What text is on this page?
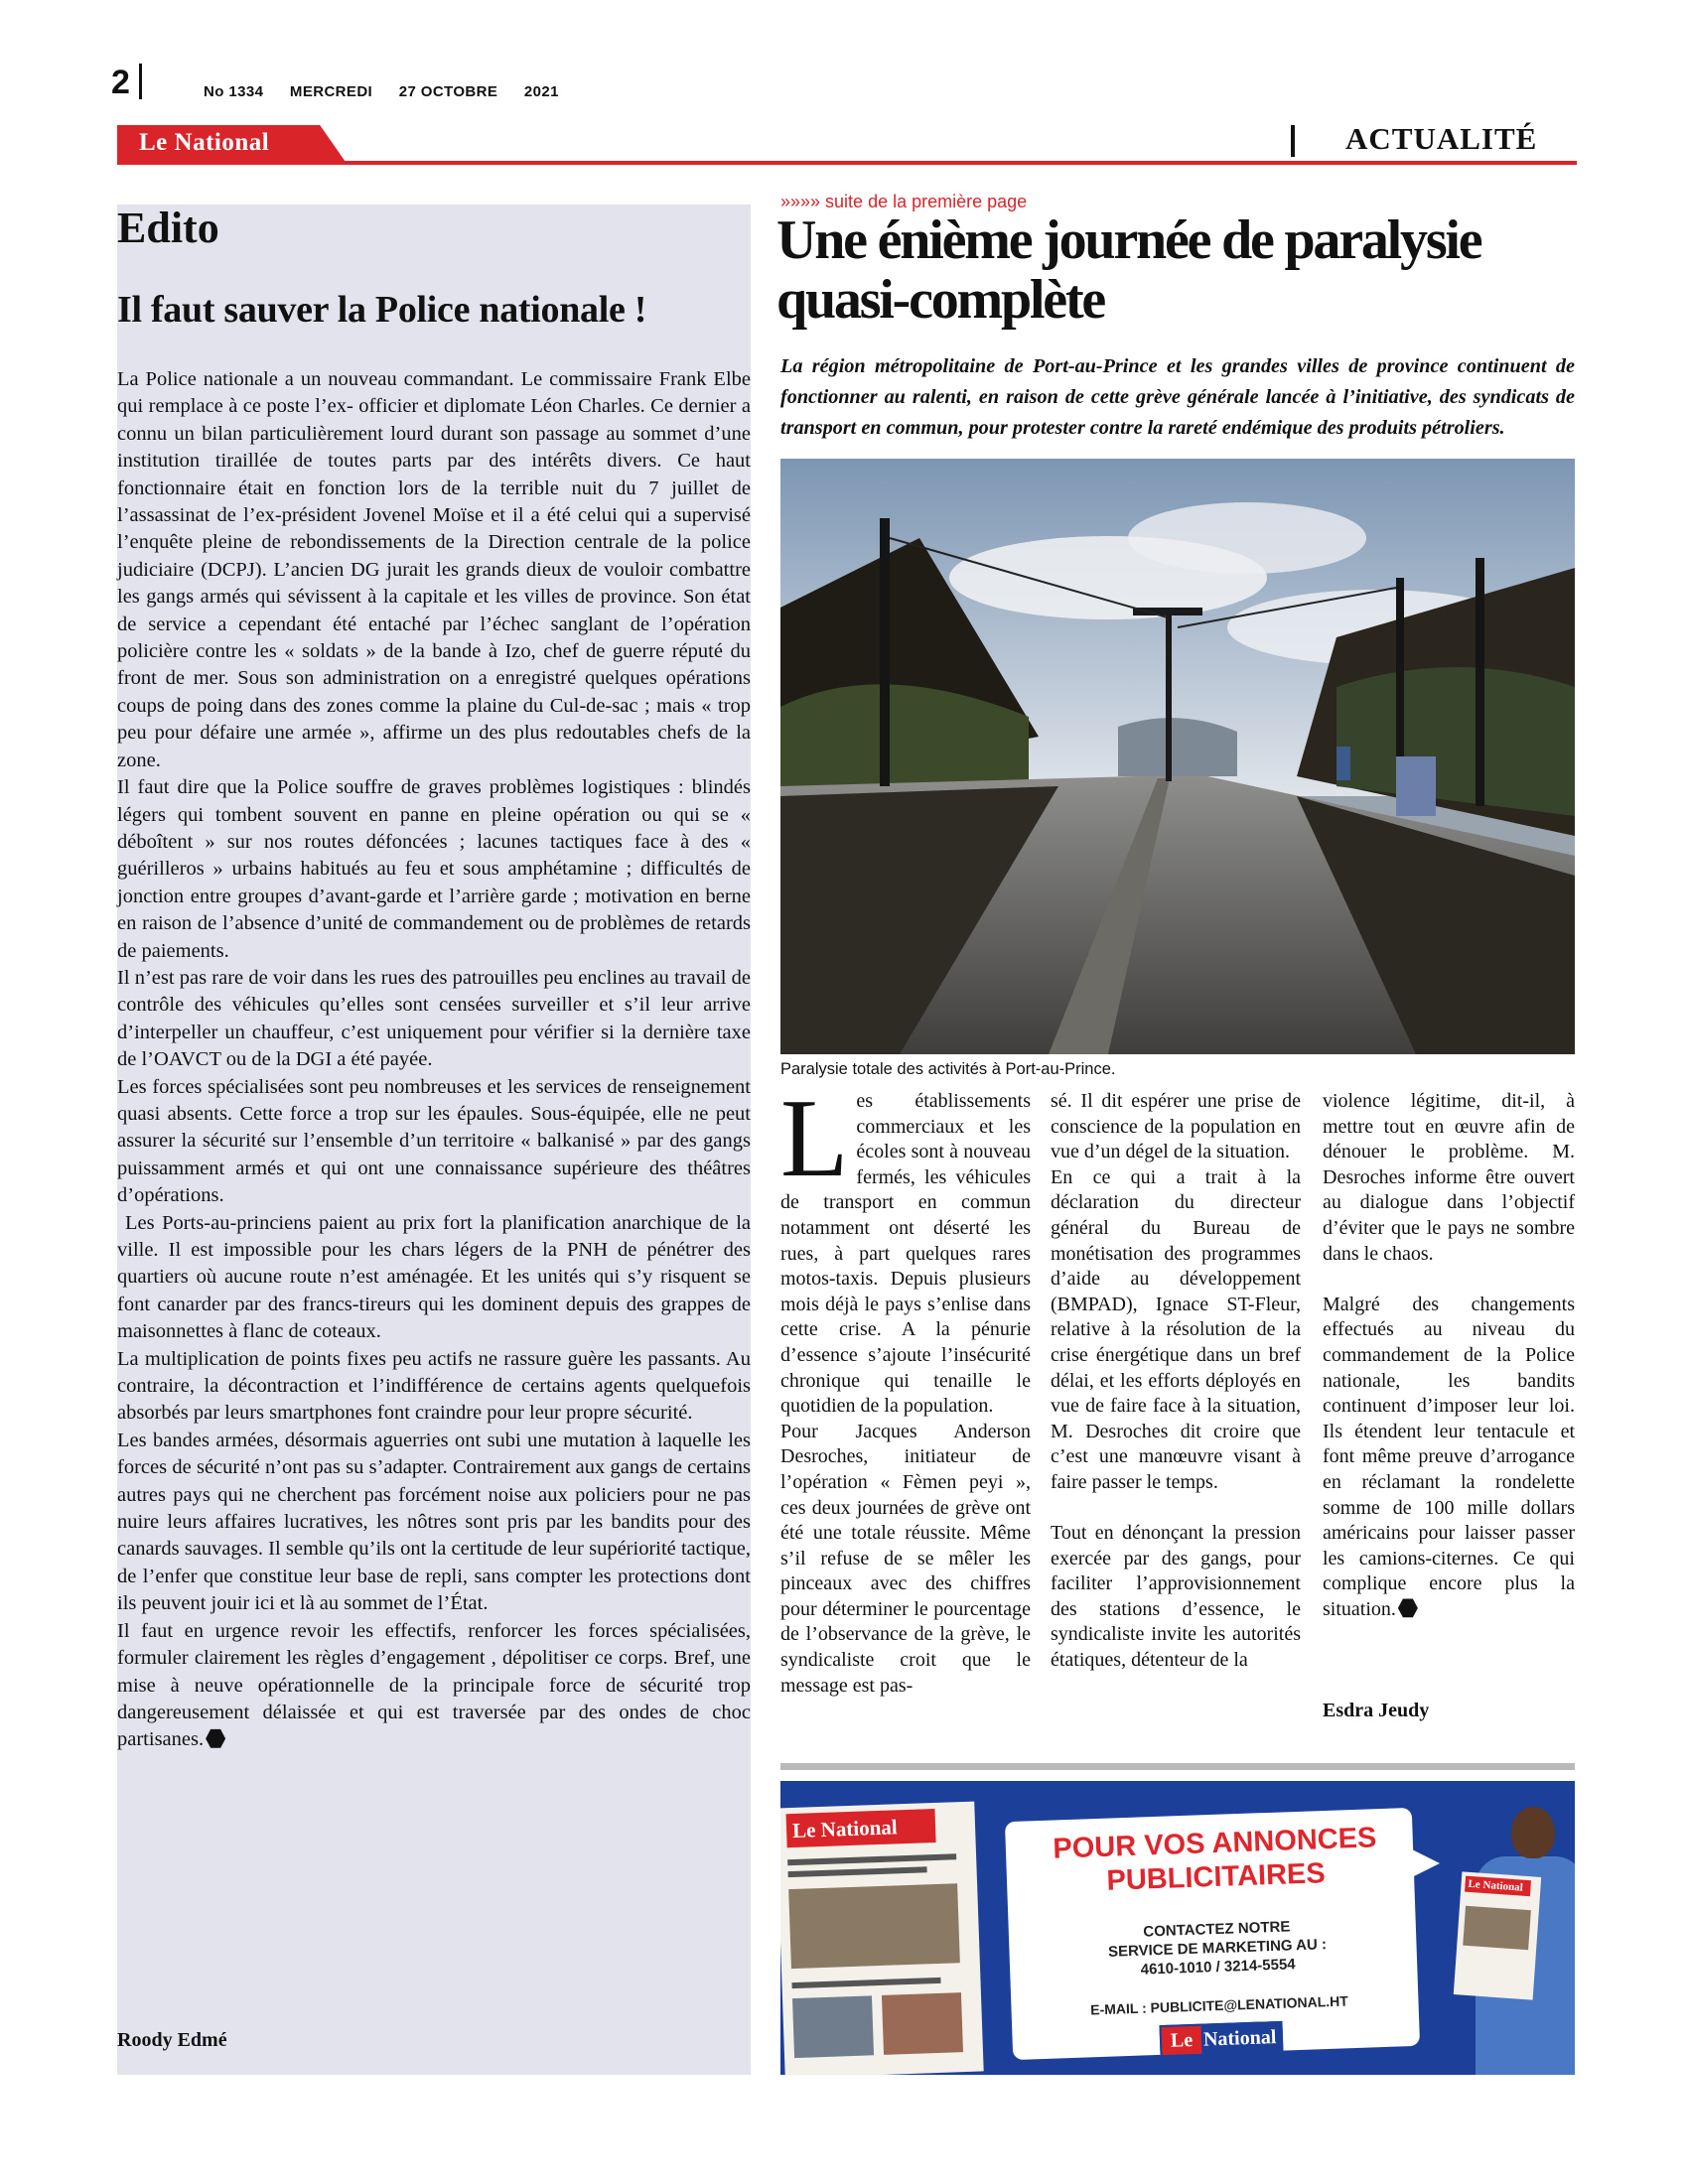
2	No 1334 MERCREDI 27 OCTOBRE 2021
Le National	ACTUALITÉ
Edito
Il faut sauver la Police nationale !

La Police nationale a un nouveau commandant. Le commissaire Frank Elbe qui remplace à ce poste l’ex- officier et diplomate Léon Charles. Ce dernier a connu un bilan particulièrement lourd durant son passage au sommet d’une institution tiraillée de toutes parts par des intérêts divers. Ce haut fonctionnaire était en fonction lors de la terrible nuit du 7 juillet de l’assassinat de l’ex-président Jovenel Moïse et il a été celui qui a supervisé l’enquête pleine de rebondissements de la Direction centrale de la police judiciaire (DCPJ). L’ancien DG jurait les grands dieux de vouloir combattre les gangs armés qui sévissent à la capitale et les villes de province. Son état de service a cependant été entaché par l’échec sanglant de l’opération policière contre les « soldats » de la bande à Izo, chef de guerre réputé du front de mer. Sous son administration on a enregistré quelques opérations coups de poing dans des zones comme la plaine du Cul-de-sac ; mais « trop peu pour défaire une armée », affirme un des plus redoutables chefs de la zone.

Il faut dire que la Police souffre de graves problèmes logistiques : blindés légers qui tombent souvent en panne en pleine opération ou qui se « déboîtent » sur nos routes défoncées ; lacunes tactiques face à des « guérilleros » urbains habitués au feu et sous amphétamine ; difficultés de jonction entre groupes d’avant-garde et l’arrière garde ; motivation en berne en raison de l’absence d’unité de commandement ou de problèmes de retards de paiements.

Il n’est pas rare de voir dans les rues des patrouilles peu enclines au travail de contrôle des véhicules qu’elles sont censées surveiller et s’il leur arrive d’interpeller un chauffeur, c’est uniquement pour vérifier si la dernière taxe de l’OAVCT ou de la DGI a été payée.

Les forces spécialisées sont peu nombreuses et les services de renseignement quasi absents. Cette force a trop sur les épaules. Sous-équipée, elle ne peut assurer la sécurité sur l’ensemble d’un territoire « balkanisé » par des gangs puissamment armés et qui ont une connaissance supérieure des théâtres d’opérations.

Les Ports-au-princiens paient au prix fort la planification anarchique de la ville. Il est impossible pour les chars légers de la PNH de pénétrer des quartiers où aucune route n’est aménagée. Et les unités qui s’y risquent se font canarder par des francs-tireurs qui les dominent depuis des grappes de maisonnettes à flanc de coteaux.

La multiplication de points fixes peu actifs ne rassure guère les passants. Au contraire, la décontraction et l’indifférence de certains agents quelquefois absorbés par leurs smartphones font craindre pour leur propre sécurité.

Les bandes armées, désormais aguerries ont subi une mutation à laquelle les forces de sécurité n’ont pas su s’adapter. Contrairement aux gangs de certains autres pays qui ne cherchent pas forcément noise aux policiers pour ne pas nuire leurs affaires lucratives, les nôtres sont pris par les bandits pour des canards sauvages. Il semble qu’ils ont la certitude de leur supériorité tactique, de l’enfer que constitue leur base de repli, sans compter les protections dont ils peuvent jouir ici et là au sommet de l’État.

Il faut en urgence revoir les effectifs, renforcer les forces spécialisées, formuler clairement les règles d’engagement , dépolitiser ce corps. Bref, une mise à neuve opérationnelle de la principale force de sécurité trop dangereusement délaissée et qui est traversée par des ondes de choc partisanes.

Roody Edmé
»»»» suite de la première page
Une énième journée de paralysie quasi-complète
La région métropolitaine de Port-au-Prince et les grandes villes de province continuent de fonctionner au ralenti, en raison de cette grève générale lancée à l’initiative, des syndicats de transport en commun, pour protester contre la rareté endémique des produits pétroliers.
Paralysie totale des activités à Port-au-Prince.
L es établissements commerciaux et les écoles sont à nouveau fermés, les véhicules de transport en commun notamment ont déserté les rues, à part quelques rares motos-taxis. Depuis plusieurs mois déjà le pays s’enlise dans cette crise. A la pénurie d’essence s’ajoute l’insécurité chronique qui tenaille le quotidien de la population.

Pour Jacques Anderson Desroches, initiateur de l’opération « Fèmen peyi », ces deux journées de grève ont été une totale réussite. Même s’il refuse de se mêler les pinceaux avec des chiffres pour déterminer le pourcentage de l’observance de la grève, le syndicaliste croit que le message est pas-

sé. Il dit espérer une prise de conscience de la population en vue d’un dégel de la situation.

En ce qui a trait à la déclaration du directeur général du Bureau de monétisation des programmes d’aide au développement (BMPAD), Ignace ST-Fleur, relative à la résolution de la crise énergétique dans un bref délai, et les efforts déployés en vue de faire face à la situation, M. Desroches dit croire que c’est une manœuvre visant à faire passer le temps.

Tout en dénonçant la pression exercée par des gangs, pour faciliter l’approvisionnement des stations d’essence, le syndicaliste invite les autorités étatiques, détenteur de la

violence légitime, dit-il, à mettre tout en œuvre afin de dénouer le problème. M. Desroches informe être ouvert au dialogue dans l’objectif d’éviter que le pays ne sombre dans le chaos.

Malgré des changements effectués au niveau du commandement de la Police nationale, les bandits continuent d’imposer leur loi. Ils étendent leur tentacule et font même preuve d’arrogance en réclamant la rondelette somme de 100 mille dollars américains pour laisser passer les camions-citernes. Ce qui complique encore plus la situation.

Esdra Jeudy
Le National	POUR VOS ANNONCES PUBLICITAIRES
CONTACTEZ NOTRE
SERVICE DE MARKETING AU :
4610-1010 / 3214-5554
E-MAIL : PUBLICITE@LENATIONAL.HT
Le National
Le National
